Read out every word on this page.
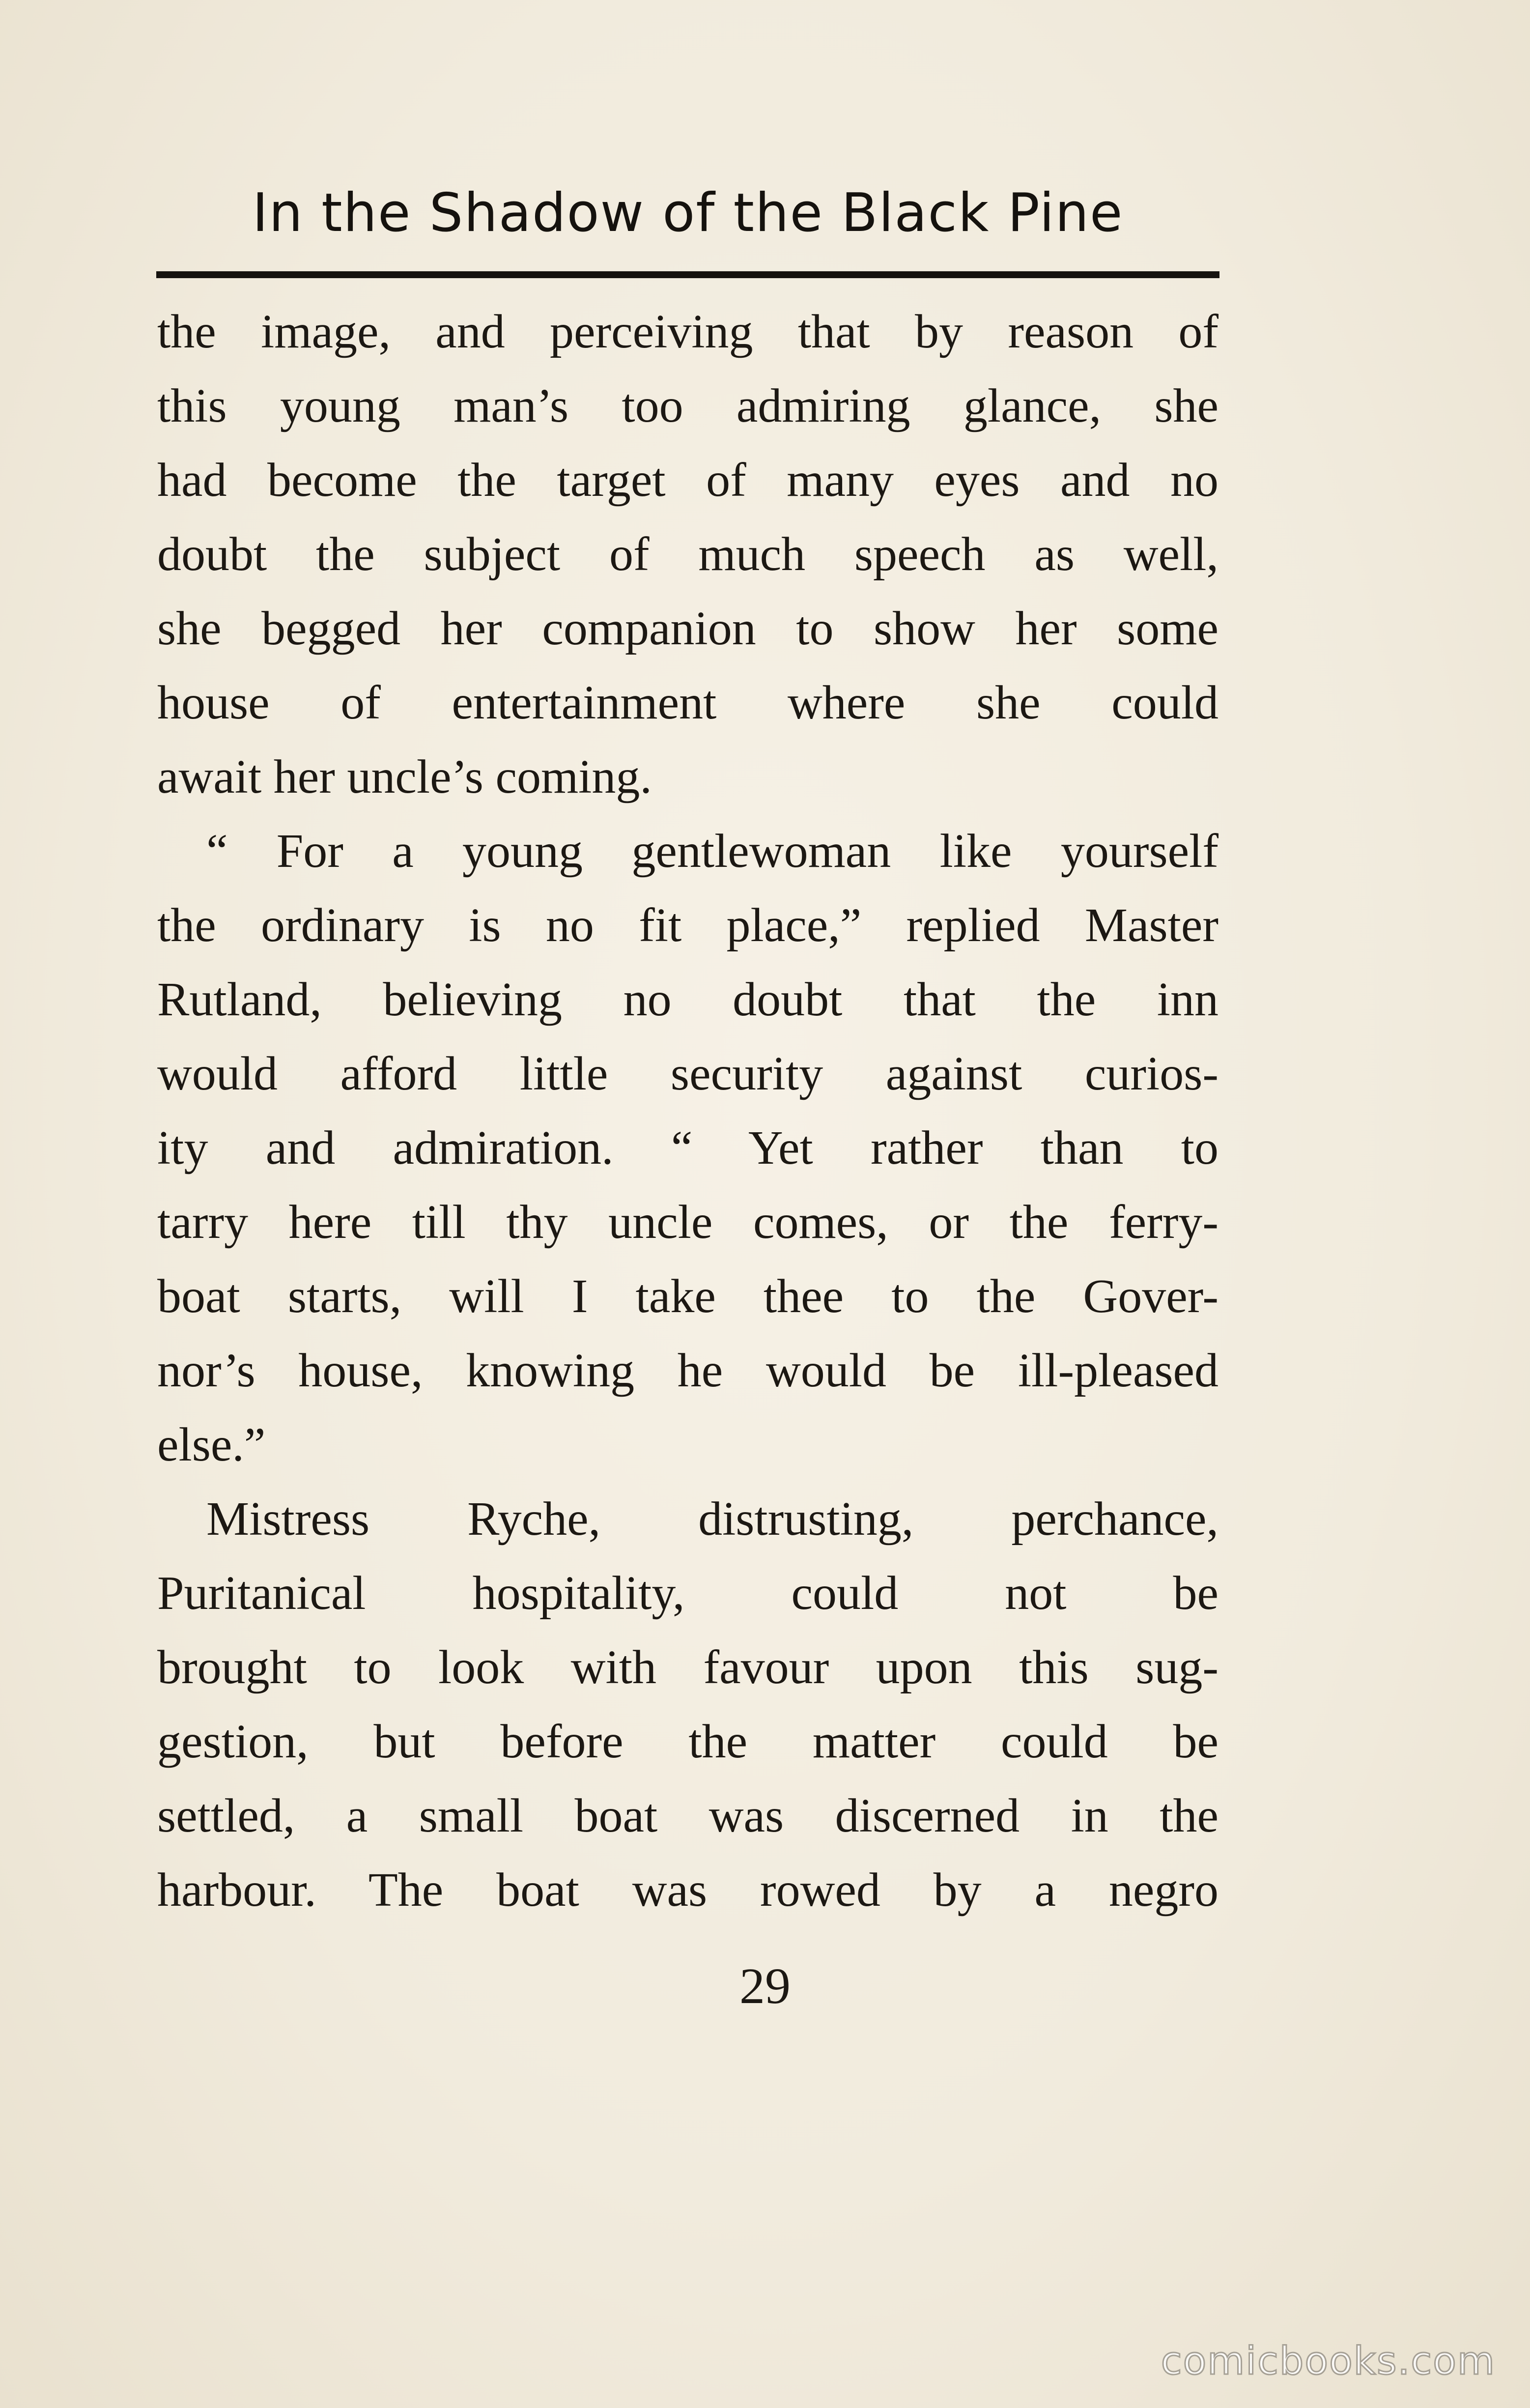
In the Shadow of the Black Pine
the image, and perceiving that by reason of
this young man’s too admiring glance, she
had become the target of many eyes and no
doubt the subject of much speech as well,
she begged her companion to show her some
house of entertainment where she could
await her uncle’s coming.
“ For a young gentlewoman like yourself
the ordinary is no fit place,” replied Master
Rutland, believing no doubt that the inn
would afford little security against curios-
ity and admiration. “ Yet rather than to
tarry here till thy uncle comes, or the ferry-
boat starts, will I take thee to the Gover-
nor’s house, knowing he would be ill-pleased
else.”
Mistress Ryche, distrusting, perchance,
Puritanical hospitality, could not be
brought to look with favour upon this sug-
gestion, but before the matter could be
settled, a small boat was discerned in the
harbour. The boat was rowed by a negro
29
comicbooks.com
